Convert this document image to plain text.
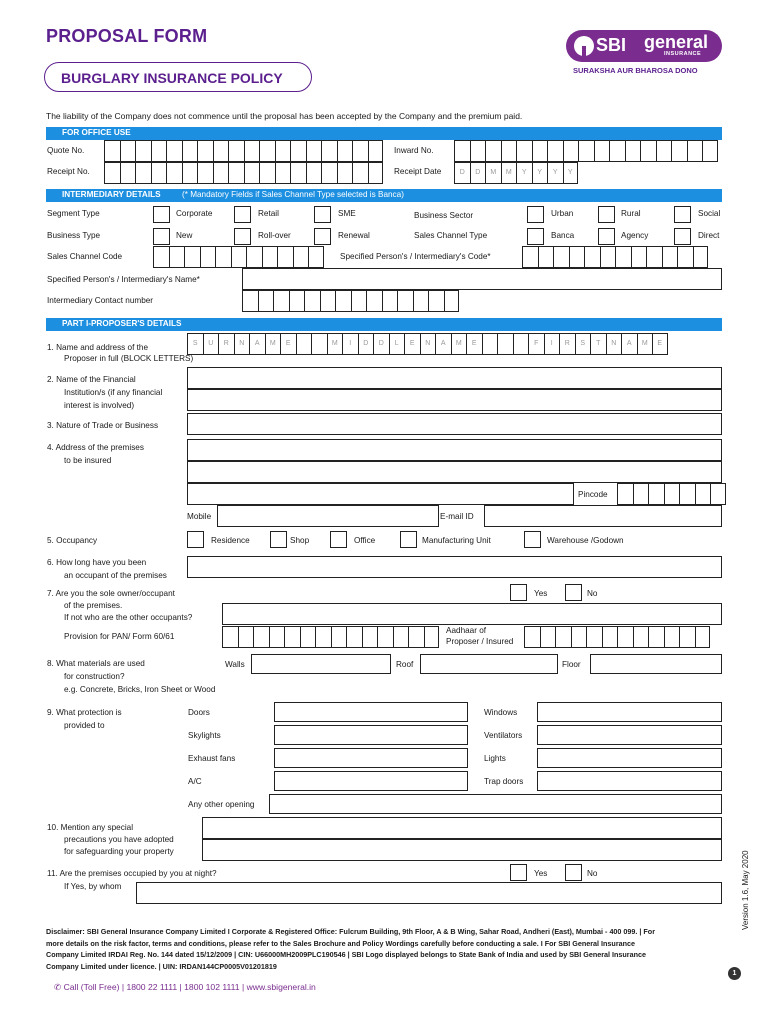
PROPOSAL FORM
BURGLARY INSURANCE POLICY
SBI general
INSURANCE
SURAKSHA AUR BHAROSA DONO
The liability of the Company does not commence until the proposal has been accepted by the Company and the premium paid.
FOR OFFICE USE
Quote No.	Inward No.
Receipt No.	Receipt Date	D	D	M	M	Y	Y	Y	Y
INTERMEDIARY DETAILS	(* Mandatory Fields if Sales Channel Type selected is Banca)
Segment Type	Corporate	Retail	SME	Business Sector	Urban	Rural	Social
Business Type	New	Roll-over	Renewal	Sales Channel Type	Banca	Agency	Direct
Sales Channel Code	Specified Person's / Intermediary's Code*
Specified Person's / Intermediary's Name*
Intermediary Contact number
PART I-PROPOSER'S DETAILS
1. Name and address of the
Proposer in full (BLOCK LETTERS)
S	U	R	N	A	M	E	M	I	D	D	L	E	N	A	M	E	F	I	R	S	T	N	A	M	E
2. Name of the Financial
Institution/s (if any financial
interest is involved)
3. Nature of Trade or Business
4. Address of the premises
to be insured
Pincode
Mobile	E-mail ID
5. Occupancy	Residence	Shop	Office	Manufacturing Unit	Warehouse /Godown
6. How long have you been
an occupant of the premises
7. Are you the sole owner/occupant
of the premises.
If not who are the other occupants?
Yes	No
Provision for PAN/ Form 60/61
Aadhaar of
Proposer / Insured
8. What materials are used
for construction?
e.g. Concrete, Bricks, Iron Sheet or Wood
Walls	Roof	Floor
9. What protection is
provided to
Doors	Windows
Skylights	Ventilators
Exhaust fans	Lights
A/C	Trap doors
Any other opening
10. Mention any special
precautions you have adopted
for safeguarding your property
11. Are the premises occupied by you at night?
If Yes, by whom
Yes	No	Version 1.6, May 2020
Disclaimer: SBI General Insurance Company Limited I Corporate & Registered Office: Fulcrum Building, 9th Floor, A & B Wing, Sahar Road, Andheri (East), Mumbai - 400 099. | For
more details on the risk factor, terms and conditions, please refer to the Sales Brochure and Policy Wordings carefully before conducting a sale. I For SBI General Insurance
Company Limited IRDAI Reg. No. 144 dated 15/12/2009 | CIN: U66000MH2009PLC190546 | SBI Logo displayed belongs to State Bank of India and used by SBI General Insurance
Company Limited under licence. | UIN: IRDAN144CP0005V01201819
✆ Call (Toll Free) | 1800 22 1111 | 1800 102 1111 | www.sbigeneral.in
1
